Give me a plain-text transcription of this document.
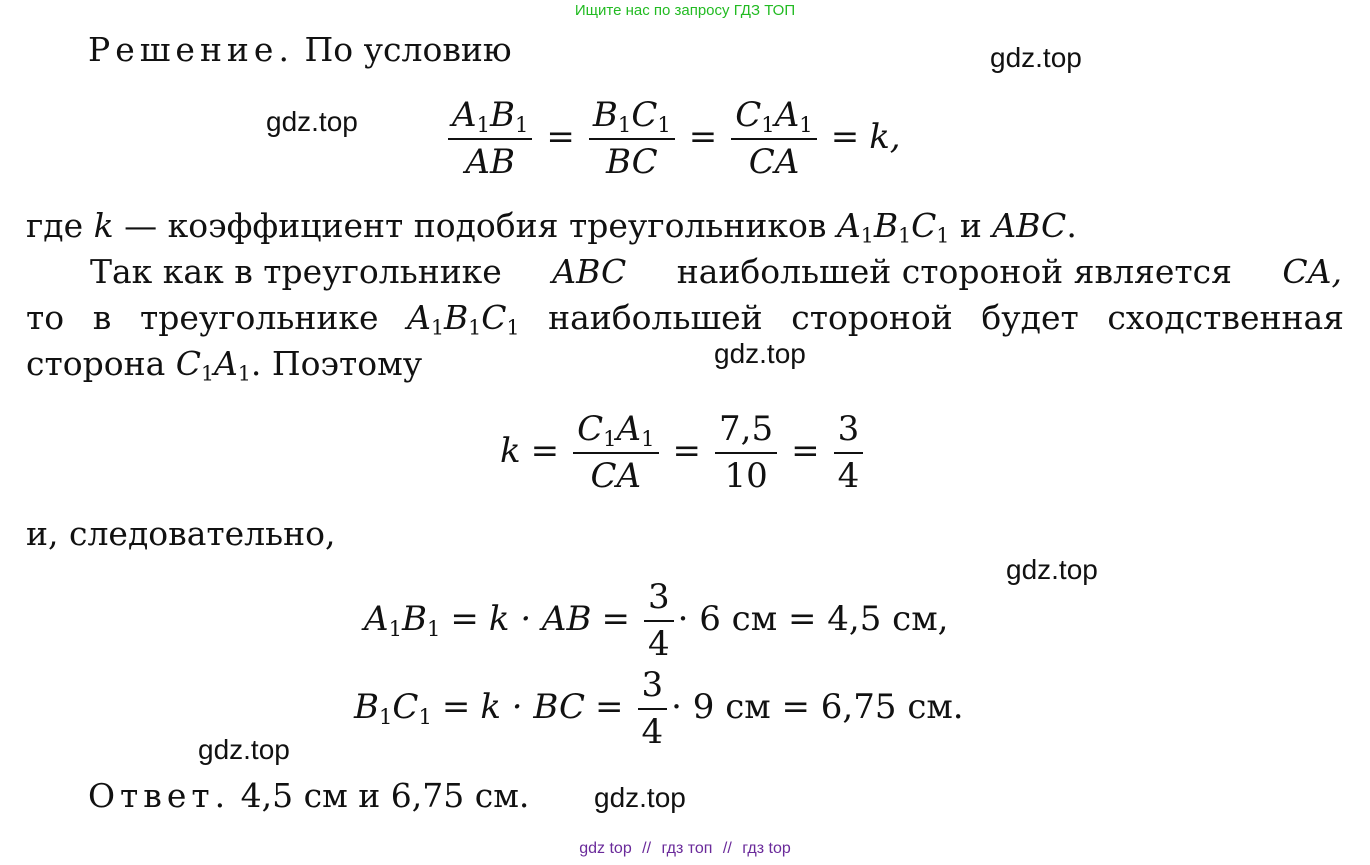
Ищите нас по запросу ГДЗ ТОП
gdz.top
gdz.top
gdz.top
gdz.top
gdz.top
gdz.top
Решение. По условию
$\frac{A_1B_1}{AB} = \frac{B_1C_1}{BC} = \frac{C_1A_1}{CA} = k$,
где k — коэффициент подобия треугольников $A_1B_1C_1$ и ABC.
Так как в треугольнике ABC наибольшей стороной является CA,
то в треугольнике $A_1B_1C_1$ наибольшей стороной будет сходственная
сторона $C_1A_1$. Поэтому
$k = \frac{C_1A_1}{CA} = \frac{7,5}{10} = \frac{3}{4}$
и, следовательно,
$A_1B_1 = k$ · AB = $\frac{3}{4} \cdot 6$ см = 4,5 см,
$B_1C_1 = k$ · BC = $\frac{3}{4} \cdot 9$ см = 6,75 см.
Ответ. 4,5 см и 6,75 см.
gdz top // гдз топ // гдз top
